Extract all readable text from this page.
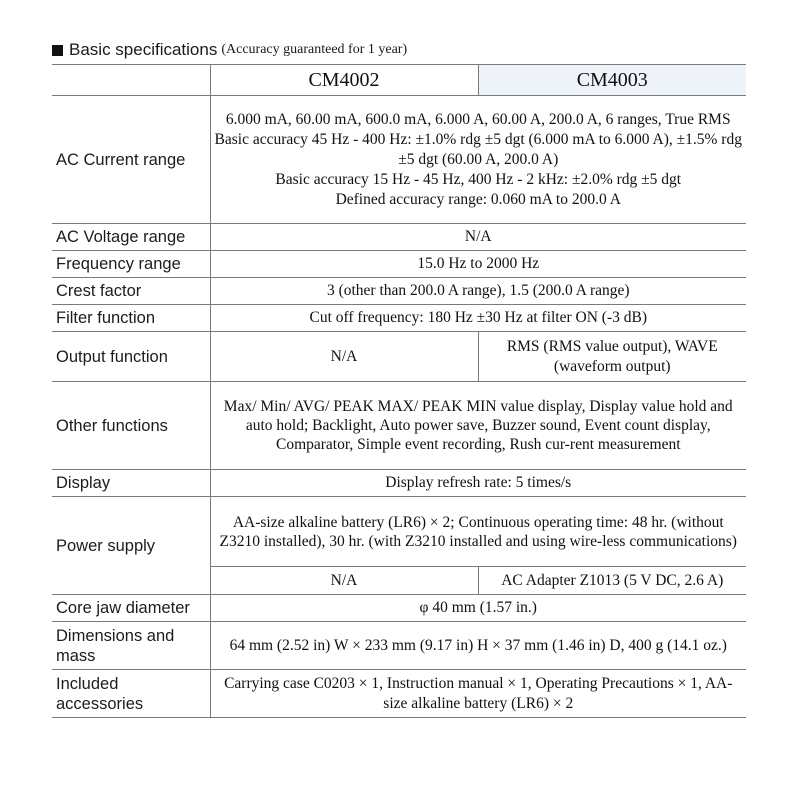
Basic specifications (Accuracy guaranteed for 1 year)
	CM4002	CM4003
AC Current range	6.000 mA, 60.00 mA, 600.0 mA, 6.000 A, 60.00 A, 200.0 A, 6 ranges, True RMS
Basic accuracy 45 Hz - 400 Hz: ±1.0% rdg ±5 dgt (6.000 mA to 6.000 A), ±1.5% rdg ±5 dgt (60.00 A, 200.0 A)
Basic accuracy 15 Hz - 45 Hz, 400 Hz - 2 kHz: ±2.0% rdg ±5 dgt
Defined accuracy range: 0.060 mA to 200.0 A	

AC Voltage range	N/A	
Frequency range	15.0 Hz to 2000 Hz	
Crest factor	3 (other than 200.0 A range), 1.5 (200.0 A range)	
Filter function	Cut off frequency: 180 Hz ±30 Hz at filter ON (-3 dB)	
Output function	N/A	RMS (RMS value output), WAVE (waveform output)
Other functions	Max/ Min/ AVG/ PEAK MAX/ PEAK MIN value display, Display value hold and auto hold; Backlight, Auto power save, Buzzer sound, Event count display, Comparator, Simple event recording, Rush cur-rent measurement	
Display	Display refresh rate: 5 times/s	
Power supply	AA-size alkaline battery (LR6) × 2; Continuous operating time: 48 hr. (without Z3210 installed), 30 hr. (with Z3210 installed and using wire-less communications)	
	N/A	AC Adapter Z1013 (5 V DC, 2.6 A)
Core jaw diameter	φ 40 mm (1.57 in.)	
Dimensions and mass	64 mm (2.52 in) W × 233 mm (9.17 in) H × 37 mm (1.46 in) D, 400 g (14.1 oz.)	
Included accessories	Carrying case C0203 × 1, Instruction manual × 1, Operating Precautions × 1, AA-size alkaline battery (LR6) × 2	
